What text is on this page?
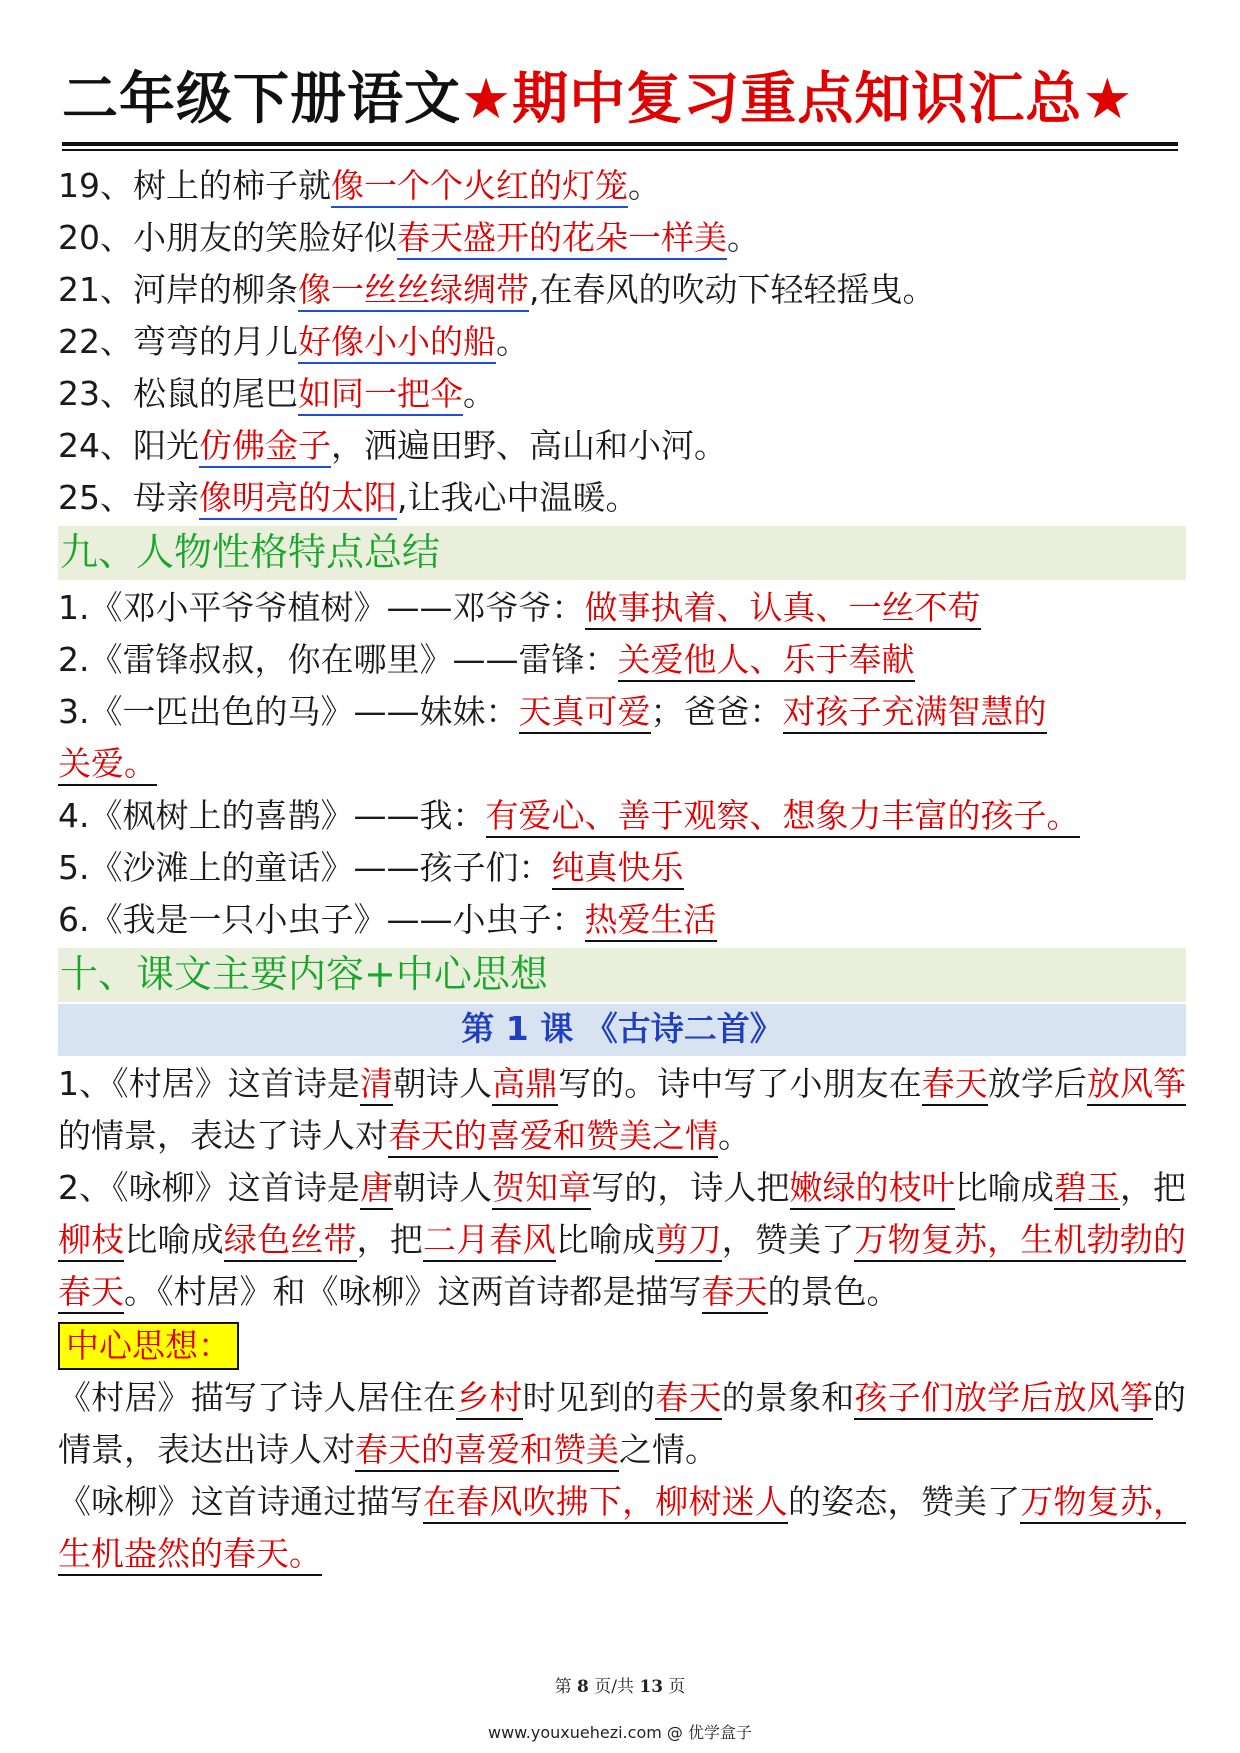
二年级下册语文★期中复习重点知识汇总★
19、树上的柿子就像一个个火红的灯笼。
20、小朋友的笑脸好似春天盛开的花朵一样美。
21、河岸的柳条像一丝丝绿绸带,在春风的吹动下轻轻摇曳。
22、弯弯的月儿好像小小的船。
23、松鼠的尾巴如同一把伞。
24、阳光仿佛金子，洒遍田野、高山和小河。
25、母亲像明亮的太阳,让我心中温暖。
九、人物性格特点总结
1.《邓小平爷爷植树》——邓爷爷：做事执着、认真、一丝不苟
2.《雷锋叔叔，你在哪里》——雷锋：关爱他人、乐于奉献
3.《一匹出色的马》——妹妹：天真可爱；爸爸：对孩子充满智慧的
关爱。
4.《枫树上的喜鹊》——我：有爱心、善于观察、想象力丰富的孩子。
5.《沙滩上的童话》——孩子们：纯真快乐
6.《我是一只小虫子》——小虫子：热爱生活
十、课文主要内容+中心思想
第 1 课 《古诗二首》
1、《村居》这首诗是清朝诗人高鼎写的。诗中写了小朋友在春天放学后放风筝的情景，表达了诗人对春天的喜爱和赞美之情。
2、《咏柳》这首诗是唐朝诗人贺知章写的，诗人把嫩绿的枝叶比喻成碧玉，把柳枝比喻成绿色丝带，把二月春风比喻成剪刀，赞美了万物复苏，生机勃勃的春天。《村居》和《咏柳》这两首诗都是描写春天的景色。
中心思想：
《村居》描写了诗人居住在乡村时见到的春天的景象和孩子们放学后放风筝的情景，表达出诗人对春天的喜爱和赞美之情。
《咏柳》这首诗通过描写在春风吹拂下，柳树迷人的姿态，赞美了万物复苏，生机盎然的春天。
第 8 页/共 13 页
www.youxuehezi.com @ 优学盒子
